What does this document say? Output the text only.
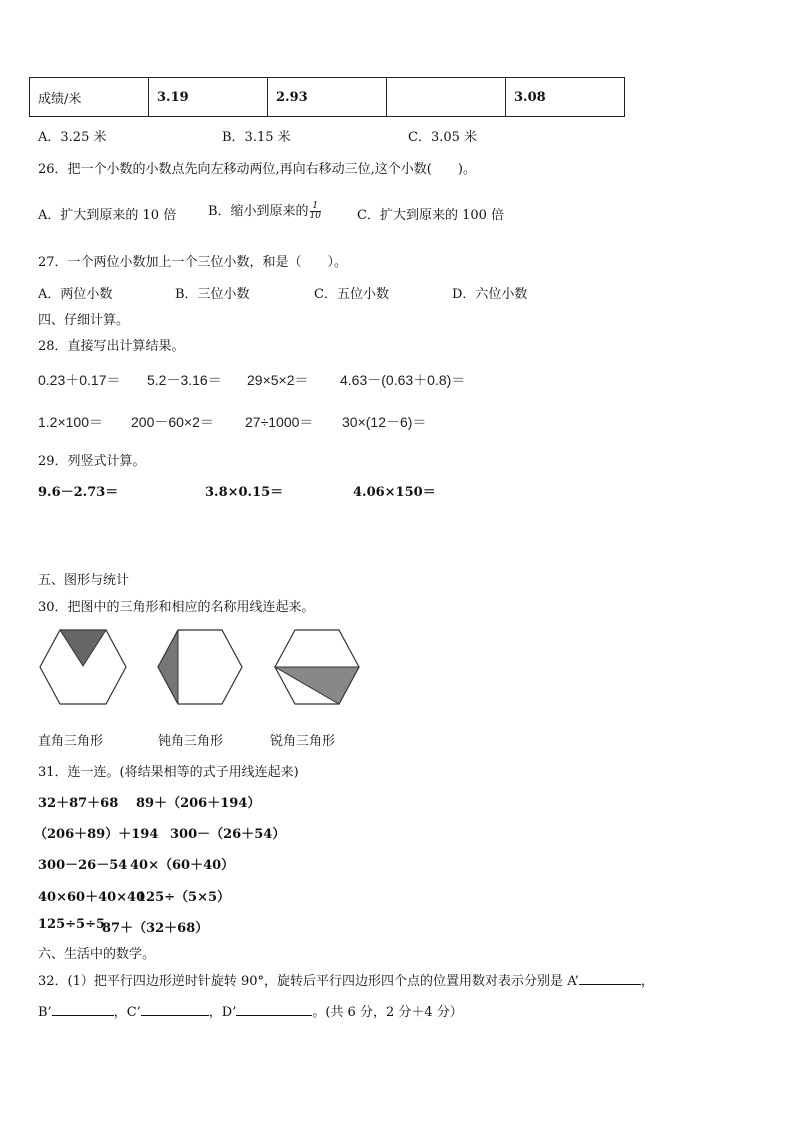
成绩/米	3.19	2.93		3.08
A．3.25 米	B．3.15 米	C．3.05 米
26．把一个小数的小数点先向左移动两位,再向右移动三位,这个小数(　　)。
A．扩大到原来的 10 倍 B．缩小到原来的 $\frac{1}{10}$	C．扩大到原来的 100 倍
27．一个两位小数加上一个三位小数，和是（　　）。
A．两位小数	B．三位小数	C．五位小数	D．六位小数
四、仔细计算。
28．直接写出计算结果。
0.23＋0.17＝ 5.2－3.16＝ 29×5×2＝ 4.63－(0.63＋0.8)＝
1.2×100＝ 200－60×2＝ 27÷1000＝ 30×(12－6)＝
29．列竖式计算。
9.6－2.73＝	3.8×0.15＝	4.06×150＝
五、图形与统计
30．把图中的三角形和相应的名称用线连起来。
直角三角形	钝角三角形	锐角三角形
31．连一连。(将结果相等的式子用线连起来)
32＋87＋68 89＋（206＋194）
（206＋89）＋194 300－（26＋54）
300－26－54 40×（60＋40）
40×60＋40×40
125÷（5×5）
125÷5÷5
87＋（32＋68）
六、生活中的数学。
32．(1）把平行四边形逆时针旋转 90°，旋转后平行四边形四个点的位置用数对表示分别是 A’	，
B’	，C’	，D’	。(共 6 分，2 分＋4 分）
